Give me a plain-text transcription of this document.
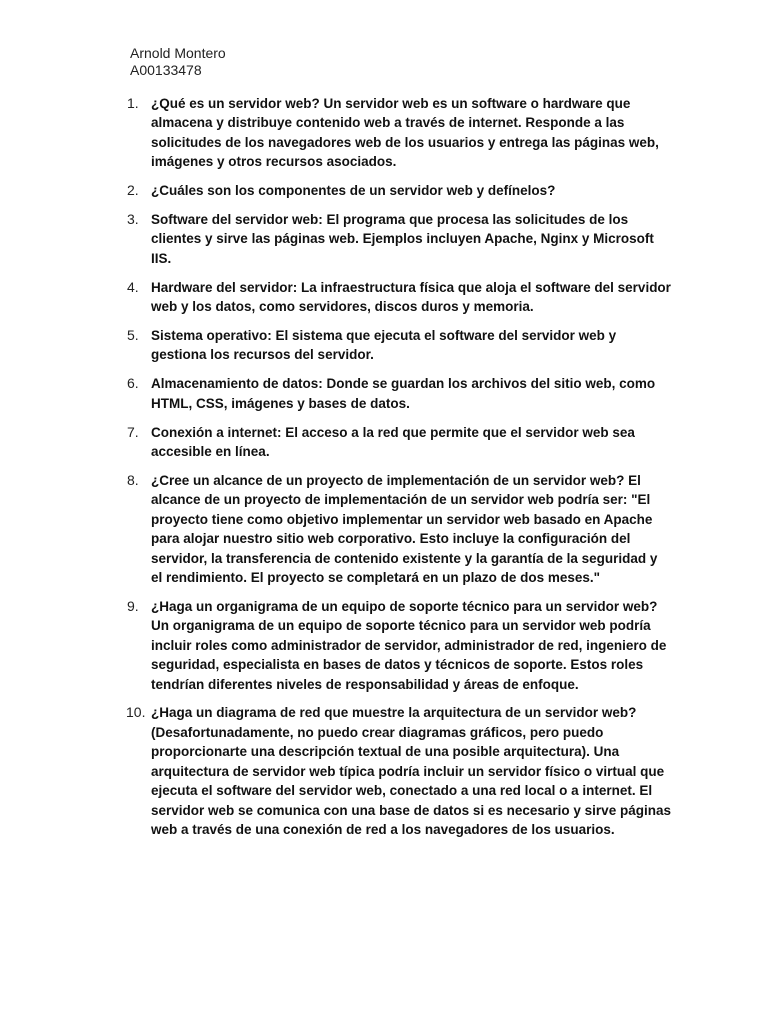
Arnold Montero
A00133478
1. ¿Qué es un servidor web? Un servidor web es un software o hardware que almacena y distribuye contenido web a través de internet. Responde a las solicitudes de los navegadores web de los usuarios y entrega las páginas web, imágenes y otros recursos asociados.
2. ¿Cuáles son los componentes de un servidor web y defínelos?
3. Software del servidor web: El programa que procesa las solicitudes de los clientes y sirve las páginas web. Ejemplos incluyen Apache, Nginx y Microsoft IIS.
4. Hardware del servidor: La infraestructura física que aloja el software del servidor web y los datos, como servidores, discos duros y memoria.
5. Sistema operativo: El sistema que ejecuta el software del servidor web y gestiona los recursos del servidor.
6. Almacenamiento de datos: Donde se guardan los archivos del sitio web, como HTML, CSS, imágenes y bases de datos.
7. Conexión a internet: El acceso a la red que permite que el servidor web sea accesible en línea.
8. ¿Cree un alcance de un proyecto de implementación de un servidor web? El alcance de un proyecto de implementación de un servidor web podría ser: "El proyecto tiene como objetivo implementar un servidor web basado en Apache para alojar nuestro sitio web corporativo. Esto incluye la configuración del servidor, la transferencia de contenido existente y la garantía de la seguridad y el rendimiento. El proyecto se completará en un plazo de dos meses."
9. ¿Haga un organigrama de un equipo de soporte técnico para un servidor web? Un organigrama de un equipo de soporte técnico para un servidor web podría incluir roles como administrador de servidor, administrador de red, ingeniero de seguridad, especialista en bases de datos y técnicos de soporte. Estos roles tendrían diferentes niveles de responsabilidad y áreas de enfoque.
10. ¿Haga un diagrama de red que muestre la arquitectura de un servidor web? (Desafortunadamente, no puedo crear diagramas gráficos, pero puedo proporcionarte una descripción textual de una posible arquitectura). Una arquitectura de servidor web típica podría incluir un servidor físico o virtual que ejecuta el software del servidor web, conectado a una red local o a internet. El servidor web se comunica con una base de datos si es necesario y sirve páginas web a través de una conexión de red a los navegadores de los usuarios.
